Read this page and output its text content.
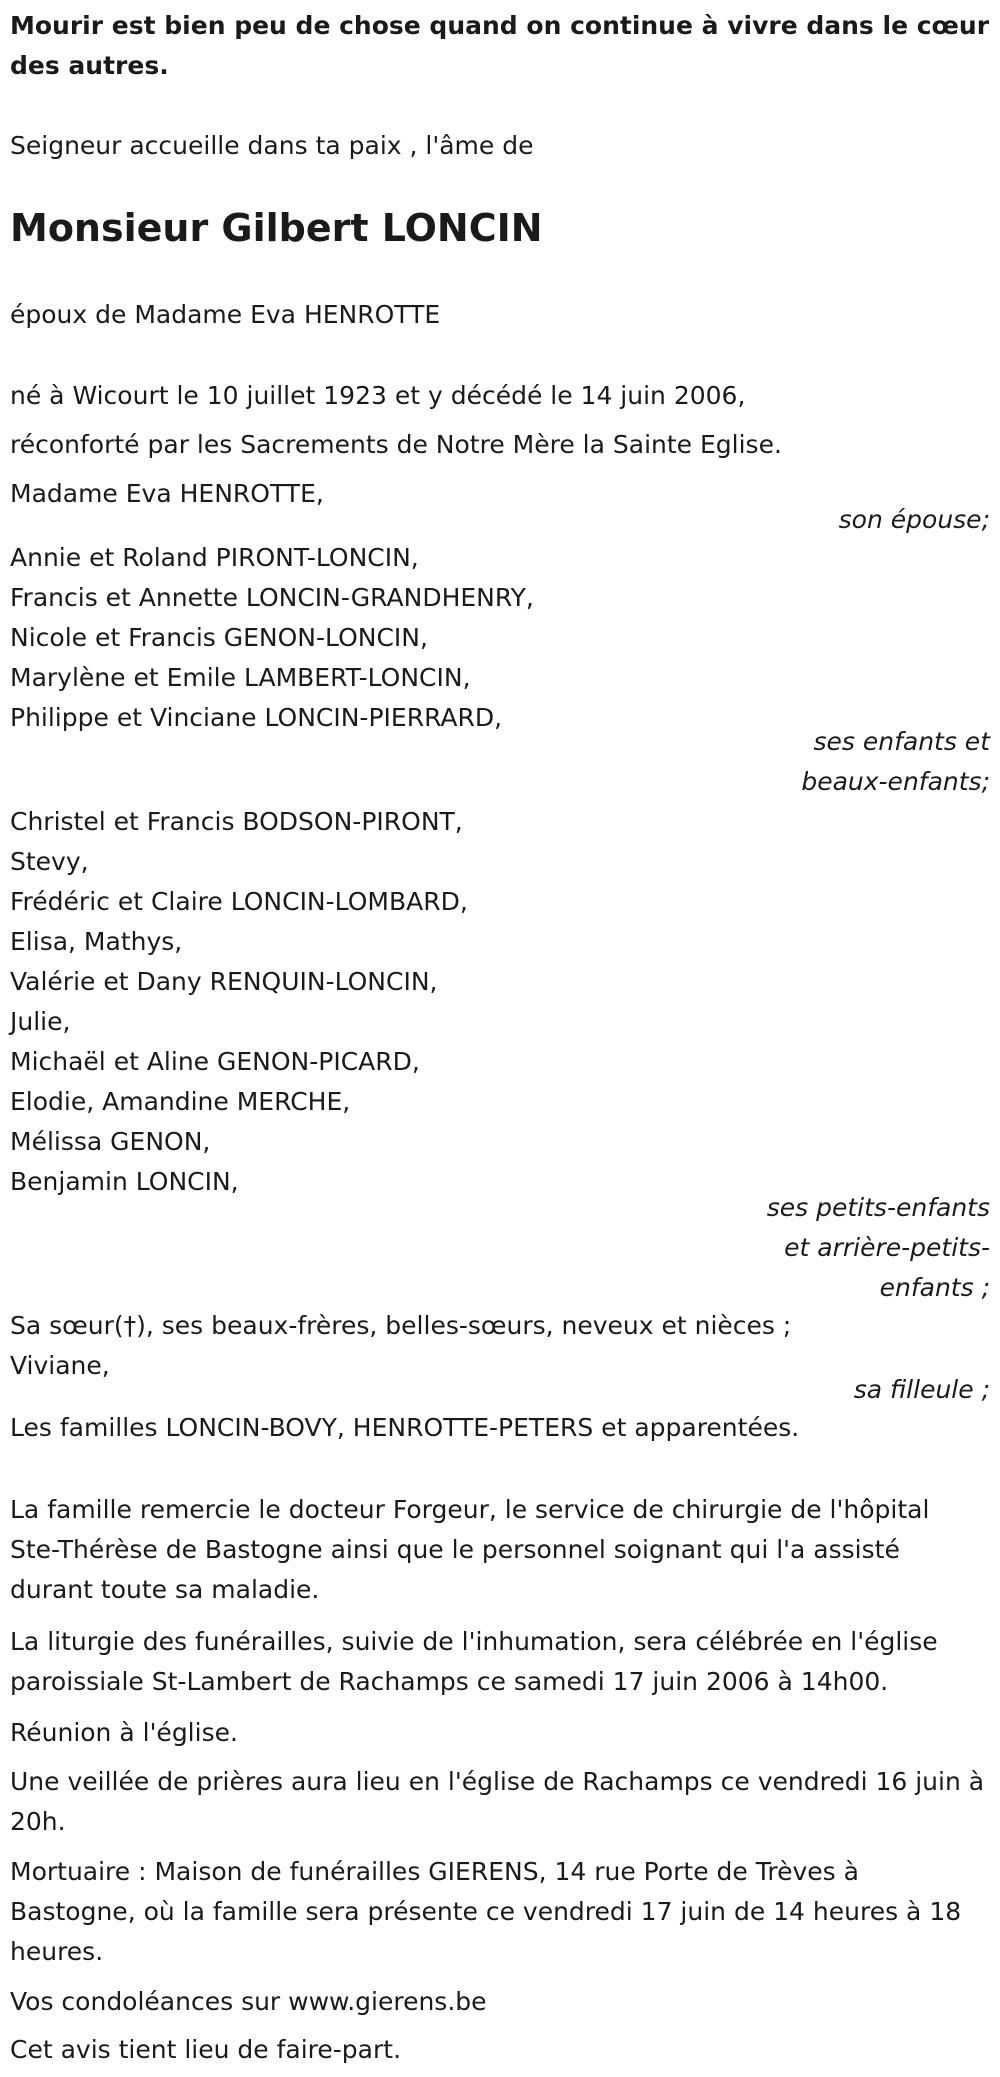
Mourir est bien peu de chose quand on continue à vivre dans le cœur des autres.
Seigneur accueille dans ta paix , l'âme de
Monsieur Gilbert LONCIN
époux de Madame Eva HENROTTE
né à Wicourt le 10 juillet 1923 et y décédé le 14 juin 2006,
réconforté par les Sacrements de Notre Mère la Sainte Eglise.
Madame Eva HENROTTE,
son épouse;
Annie et Roland PIRONT-LONCIN,
Francis et Annette LONCIN-GRANDHENRY,
Nicole et Francis GENON-LONCIN,
Marylène et Emile LAMBERT-LONCIN,
Philippe et Vinciane LONCIN-PIERRARD,
ses enfants et
beaux-enfants;
Christel et Francis BODSON-PIRONT,
Stevy,
Frédéric et Claire LONCIN-LOMBARD,
Elisa, Mathys,
Valérie et Dany RENQUIN-LONCIN,
Julie,
Michaël et Aline GENON-PICARD,
Elodie, Amandine MERCHE,
Mélissa GENON,
Benjamin LONCIN,
ses petits-enfants
et arrière-petits-
enfants ;
Sa sœur(†), ses beaux-frères, belles-sœurs, neveux et nièces ;
Viviane,
sa filleule ;
Les familles LONCIN-BOVY, HENROTTE-PETERS et apparentées.
La famille remercie le docteur Forgeur, le service de chirurgie de l'hôpital Ste-Thérèse de Bastogne ainsi que le personnel soignant qui l'a assisté durant toute sa maladie.
La liturgie des funérailles, suivie de l'inhumation, sera célébrée en l'église paroissiale St-Lambert de Rachamps ce samedi 17 juin 2006 à 14h00.
Réunion à l'église.
Une veillée de prières aura lieu en l'église de Rachamps ce vendredi 16 juin à 20h.
Mortuaire : Maison de funérailles GIERENS, 14 rue Porte de Trèves à Bastogne, où la famille sera présente ce vendredi 17 juin de 14 heures à 18 heures.
Vos condoléances sur www.gierens.be
Cet avis tient lieu de faire-part.
